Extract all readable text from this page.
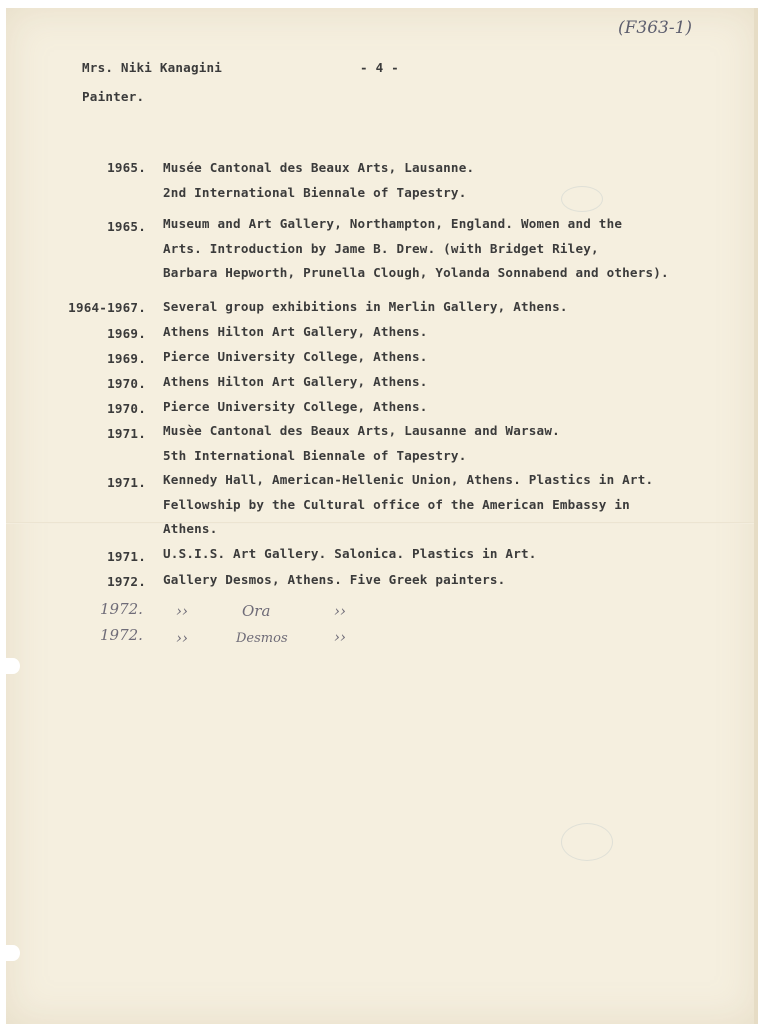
(F363-1)
Mrs. Niki Kanagini	- 4 -
Painter.
1965. Musée Cantonal des Beaux Arts, Lausanne.
2nd International Biennale of Tapestry.
1965. Museum and Art Gallery, Northampton, England. Women and the
Arts. Introduction by Jame B. Drew. (with Bridget Riley,
Barbara Hepworth, Prunella Clough, Yolanda Sonnabend and others).
1964-1967. Several group exhibitions in Merlin Gallery, Athens.
1969. Athens Hilton Art Gallery, Athens.
1969. Pierce University College, Athens.
1970. Athens Hilton Art Gallery, Athens.
1970. Pierce University College, Athens.
1971. Musèe Cantonal des Beaux Arts, Lausanne and Warsaw.
5th International Biennale of Tapestry.
1971. Kennedy Hall, American-Hellenic Union, Athens. Plastics in Art.
Fellowship by the Cultural office of the American Embassy in
Athens.
1971. U.S.I.S. Art Gallery. Salonica. Plastics in Art.
1972. Gallery Desmos, Athens. Five Greek painters.
1972. ››	Ora	››
1972. ››	Desmos	››
